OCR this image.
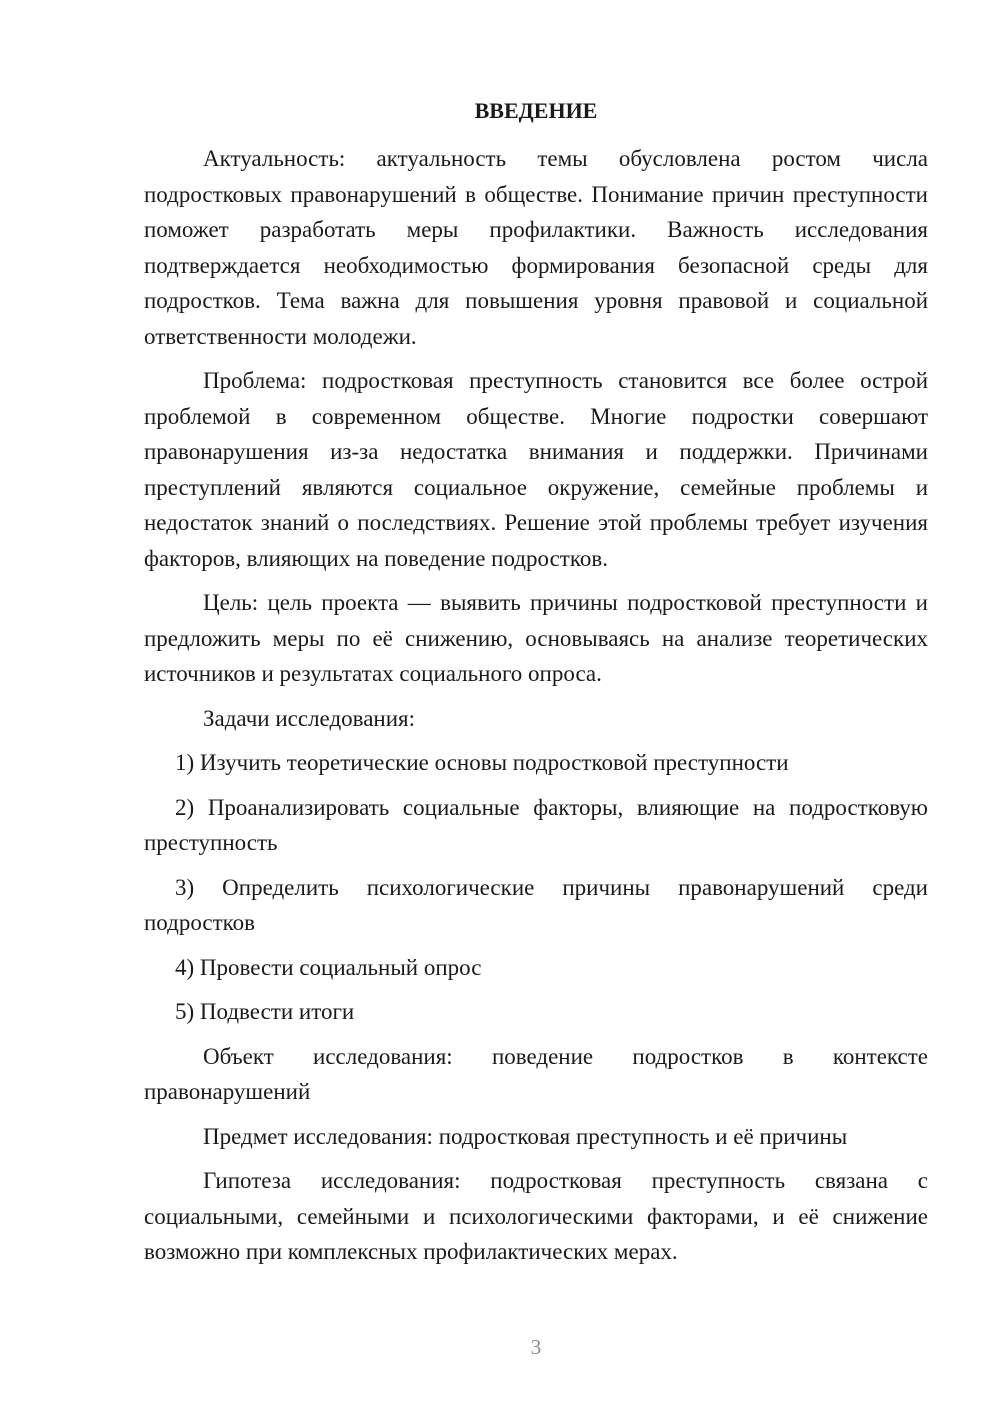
ВВЕДЕНИЕ

Актуальность: актуальность темы обусловлена ростом числа подростковых правонарушений в обществе. Понимание причин преступности поможет разработать меры профилактики. Важность исследования подтверждается необходимостью формирования безопасной среды для подростков. Тема важна для повышения уровня правовой и социальной ответственности молодежи.

Проблема: подростковая преступность становится все более острой проблемой в современном обществе. Многие подростки совершают правонарушения из-за недостатка внимания и поддержки. Причинами преступлений являются социальное окружение, семейные проблемы и недостаток знаний о последствиях. Решение этой проблемы требует изучения факторов, влияющих на поведение подростков.

Цель: цель проекта — выявить причины подростковой преступности и предложить меры по её снижению, основываясь на анализе теоретических источников и результатах социального опроса.

Задачи исследования:

1) Изучить теоретические основы подростковой преступности

2) Проанализировать социальные факторы, влияющие на подростковую преступность

3) Определить психологические причины правонарушений среди подростков

4) Провести социальный опрос

5) Подвести итоги

Объект исследования: поведение подростков в контексте правонарушений

Предмет исследования: подростковая преступность и её причины

Гипотеза исследования: подростковая преступность связана с социальными, семейными и психологическими факторами, и её снижение возможно при комплексных профилактических мерах.

3
